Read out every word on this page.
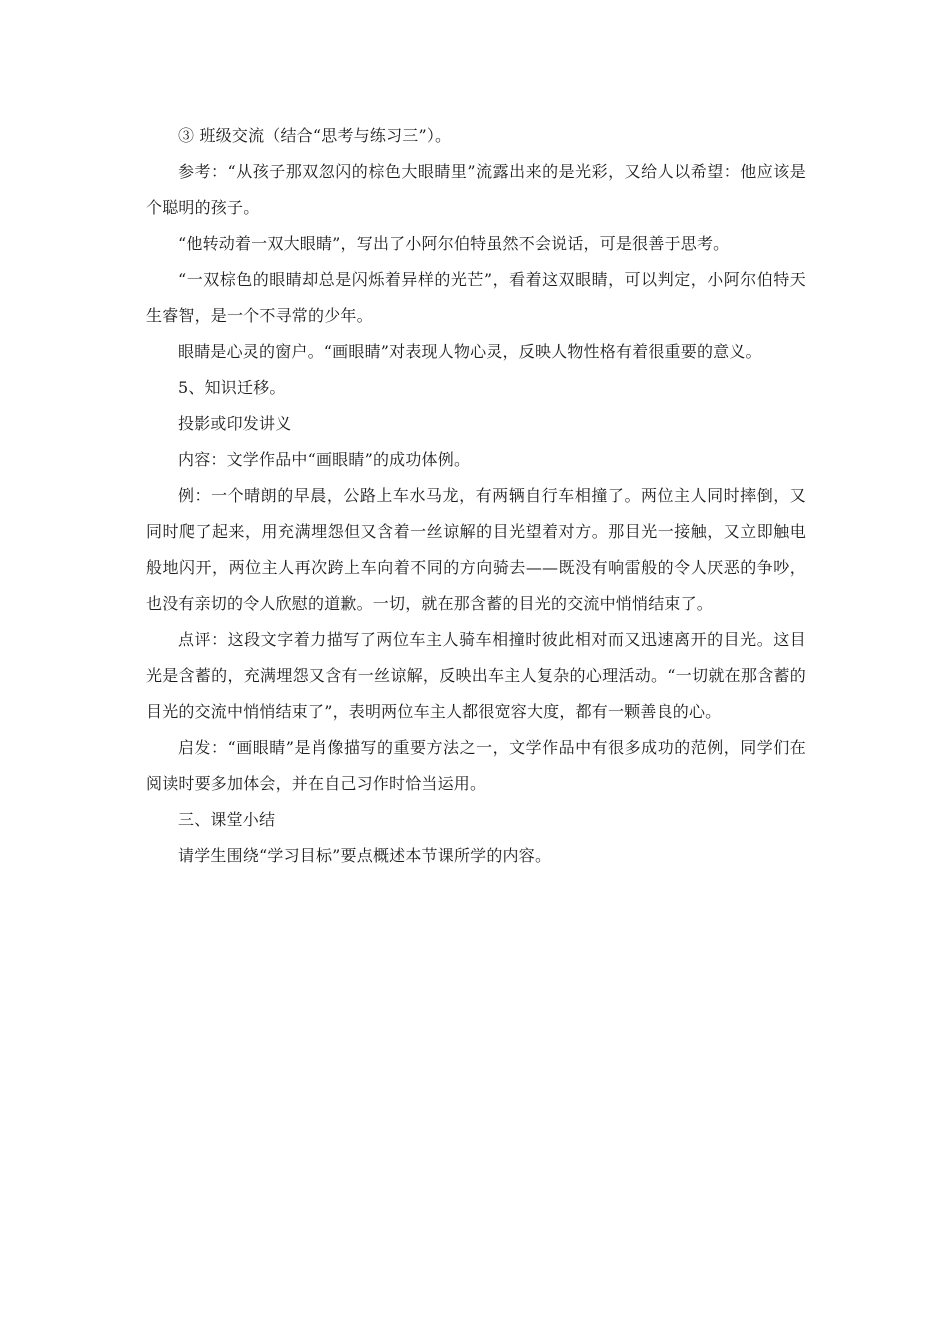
③ 班级交流（结合“思考与练习三”）。

参考：“从孩子那双忽闪的棕色大眼睛里”流露出来的是光彩，又给人以希望：他应该是个聪明的孩子。

“他转动着一双大眼睛”，写出了小阿尔伯特虽然不会说话，可是很善于思考。

“一双棕色的眼睛却总是闪烁着异样的光芒”，看着这双眼睛，可以判定，小阿尔伯特天生睿智，是一个不寻常的少年。

眼睛是心灵的窗户。“画眼睛”对表现人物心灵，反映人物性格有着很重要的意义。

5、知识迁移。

投影或印发讲义

内容：文学作品中“画眼睛”的成功体例。

例：一个晴朗的早晨，公路上车水马龙，有两辆自行车相撞了。两位主人同时摔倒，又同时爬了起来，用充满埋怨但又含着一丝谅解的目光望着对方。那目光一接触，又立即触电般地闪开，两位主人再次跨上车向着不同的方向骑去——既没有响雷般的令人厌恶的争吵，也没有亲切的令人欣慰的道歉。一切，就在那含蓄的目光的交流中悄悄结束了。

点评：这段文字着力描写了两位车主人骑车相撞时彼此相对而又迅速离开的目光。这目光是含蓄的，充满埋怨又含有一丝谅解，反映出车主人复杂的心理活动。“一切就在那含蓄的目光的交流中悄悄结束了”，表明两位车主人都很宽容大度，都有一颗善良的心。

启发：“画眼睛”是肖像描写的重要方法之一，文学作品中有很多成功的范例，同学们在阅读时要多加体会，并在自己习作时恰当运用。

三、课堂小结

请学生围绕“学习目标”要点概述本节课所学的内容。
